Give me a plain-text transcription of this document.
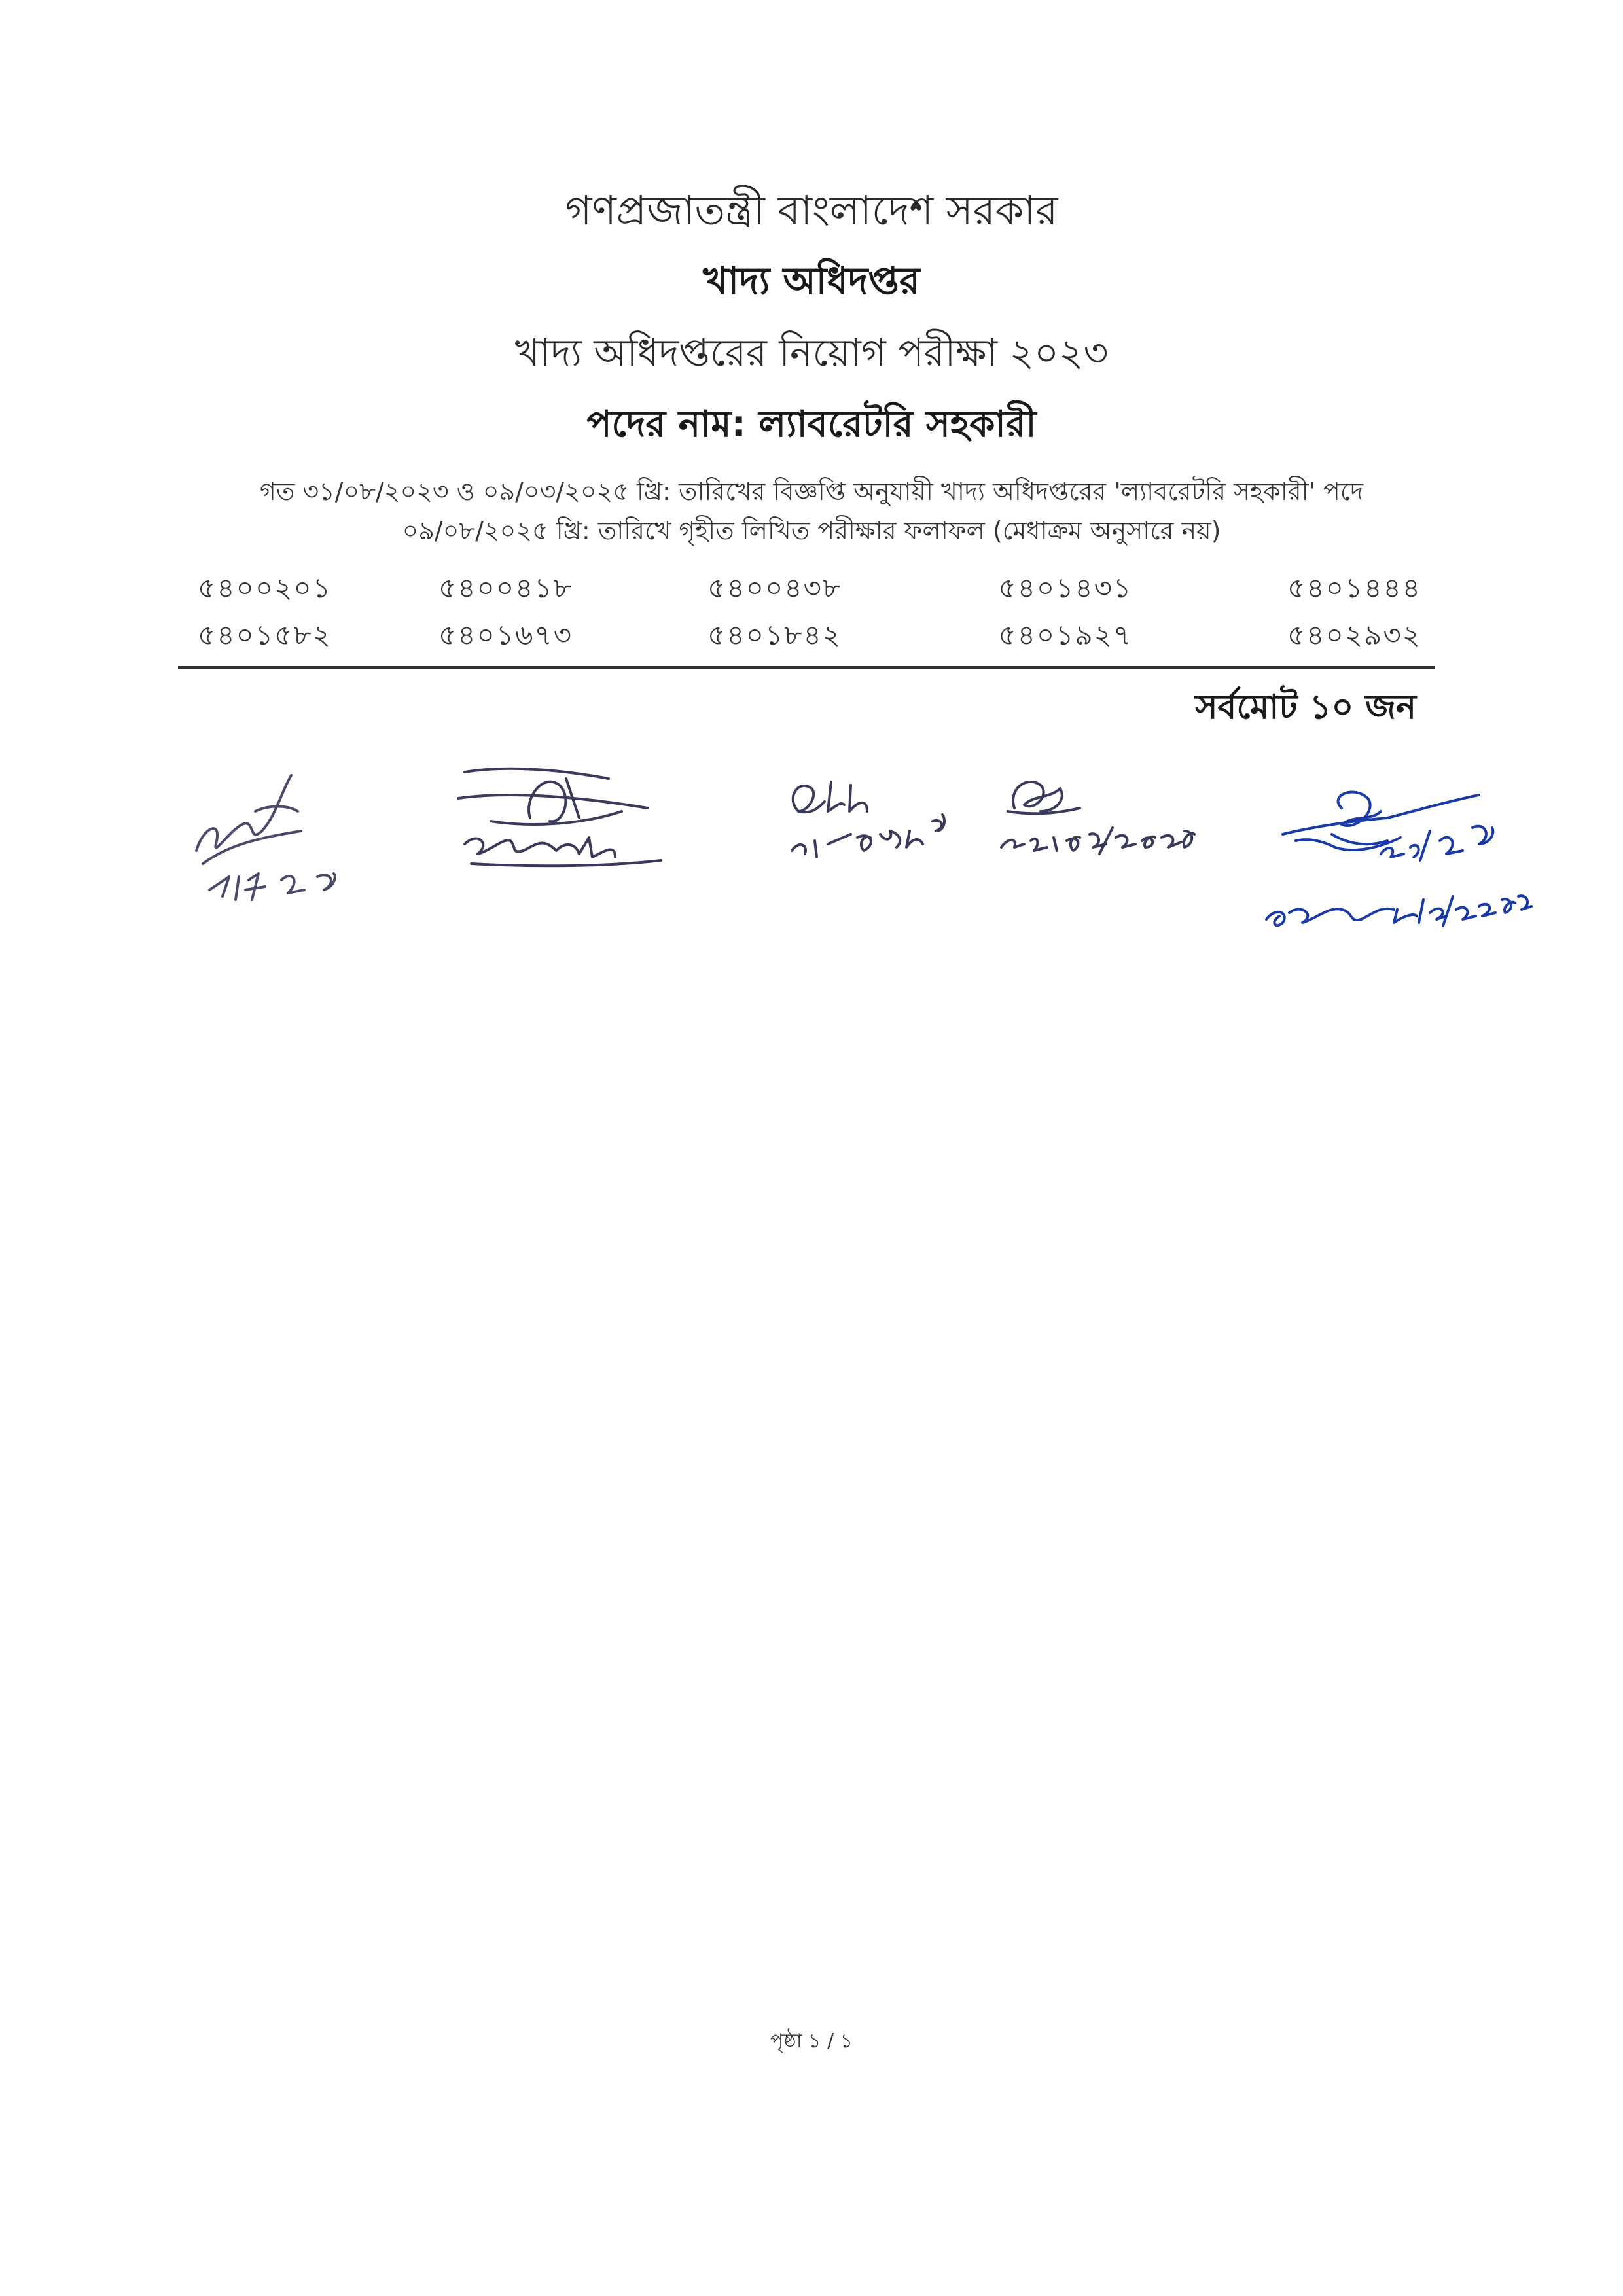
গণপ্রজাতন্ত্রী বাংলাদেশ সরকার
খাদ্য অধিদপ্তর
খাদ্য অধিদপ্তরের নিয়োগ পরীক্ষা ২০২৩
পদের নাম: ল্যাবরেটরি সহকারী
গত ৩১/০৮/২০২৩ ও ০৯/০৩/২০২৫ খ্রি: তারিখের বিজ্ঞপ্তি অনুযায়ী খাদ্য অধিদপ্তরের 'ল্যাবরেটরি সহকারী' পদে
০৯/০৮/২০২৫ খ্রি: তারিখে গৃহীত লিখিত পরীক্ষার ফলাফল (মেধাক্রম অনুসারে নয়)
৫৪০০২০১	৫৪০০৪১৮	৫৪০০৪৩৮	৫৪০১৪৩১	৫৪০১৪৪৪
৫৪০১৫৮২	৫৪০১৬৭৩	৫৪০১৮৪২	৫৪০১৯২৭	৫৪০২৯৩২
সর্বমোট ১০ জন
পৃষ্ঠা ১ / ১
